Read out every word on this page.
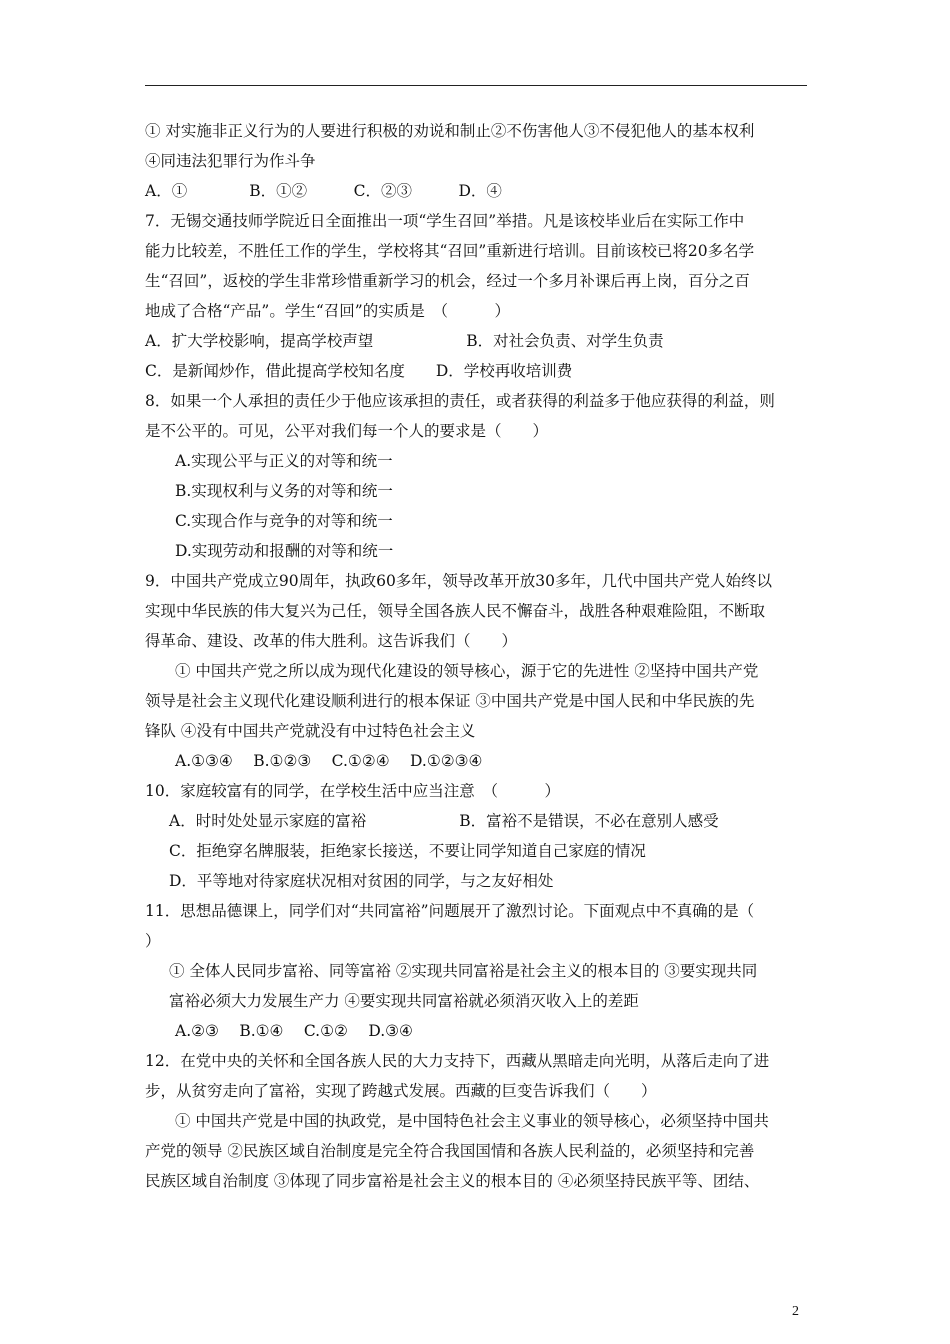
① 对实施非正义行为的人要进行积极的劝说和制止②不伤害他人③不侵犯他人的基本权利
④同违法犯罪行为作斗争
A．①　　　　B．①②　　　C．②③　　　D．④
7．无锡交通技师学院近日全面推出一项“学生召回”举措。凡是该校毕业后在实际工作中
能力比较差，不胜任工作的学生，学校将其“召回”重新进行培训。目前该校已将20多名学
生“召回”，返校的学生非常珍惜重新学习的机会，经过一个多月补课后再上岗，百分之百
地成了合格“产品”。学生“召回”的实质是　（　　　）
A．扩大学校影响，提高学校声望　　　　　　B．对社会负责、对学生负责
C．是新闻炒作，借此提高学校知名度　　D．学校再收培训费
8．如果一个人承担的责任少于他应该承担的责任，或者获得的利益多于他应获得的利益，则
是不公平的。可见，公平对我们每一个人的要求是（　　）
A.实现公平与正义的对等和统一
B.实现权利与义务的对等和统一
C.实现合作与竞争的对等和统一
D.实现劳动和报酬的对等和统一
9．中国共产党成立90周年，执政60多年，领导改革开放30多年，几代中国共产党人始终以
实现中华民族的伟大复兴为己任，领导全国各族人民不懈奋斗，战胜各种艰难险阻，不断取
得革命、建设、改革的伟大胜利。这告诉我们（　　）
① 中国共产党之所以成为现代化建设的领导核心，源于它的先进性 ②坚持中国共产党
领导是社会主义现代化建设顺利进行的根本保证 ③中国共产党是中国人民和中华民族的先
锋队 ④没有中国共产党就没有中过特色社会主义
A.①③④　 B.①②③　 C.①②④　 D.①②③④
10．家庭较富有的同学，在学校生活中应当注意　（　　　）
A．时时处处显示家庭的富裕　　　　　　B．富裕不是错误，不必在意别人感受
C．拒绝穿名牌服装，拒绝家长接送，不要让同学知道自己家庭的情况
D．平等地对待家庭状况相对贫困的同学，与之友好相处
11．思想品德课上，同学们对“共同富裕”问题展开了激烈讨论。下面观点中不真确的是（
）
① 全体人民同步富裕、同等富裕 ②实现共同富裕是社会主义的根本目的 ③要实现共同
富裕必须大力发展生产力 ④要实现共同富裕就必须消灭收入上的差距
A.②③　 B.①④　 C.①②　 D.③④
12．在党中央的关怀和全国各族人民的大力支持下，西藏从黑暗走向光明，从落后走向了进
步，从贫穷走向了富裕，实现了跨越式发展。西藏的巨变告诉我们（　　）
① 中国共产党是中国的执政党，是中国特色社会主义事业的领导核心，必须坚持中国共
产党的领导 ②民族区域自治制度是完全符合我国国情和各族人民利益的，必须坚持和完善
民族区域自治制度 ③体现了同步富裕是社会主义的根本目的 ④必须坚持民族平等、团结、
2
